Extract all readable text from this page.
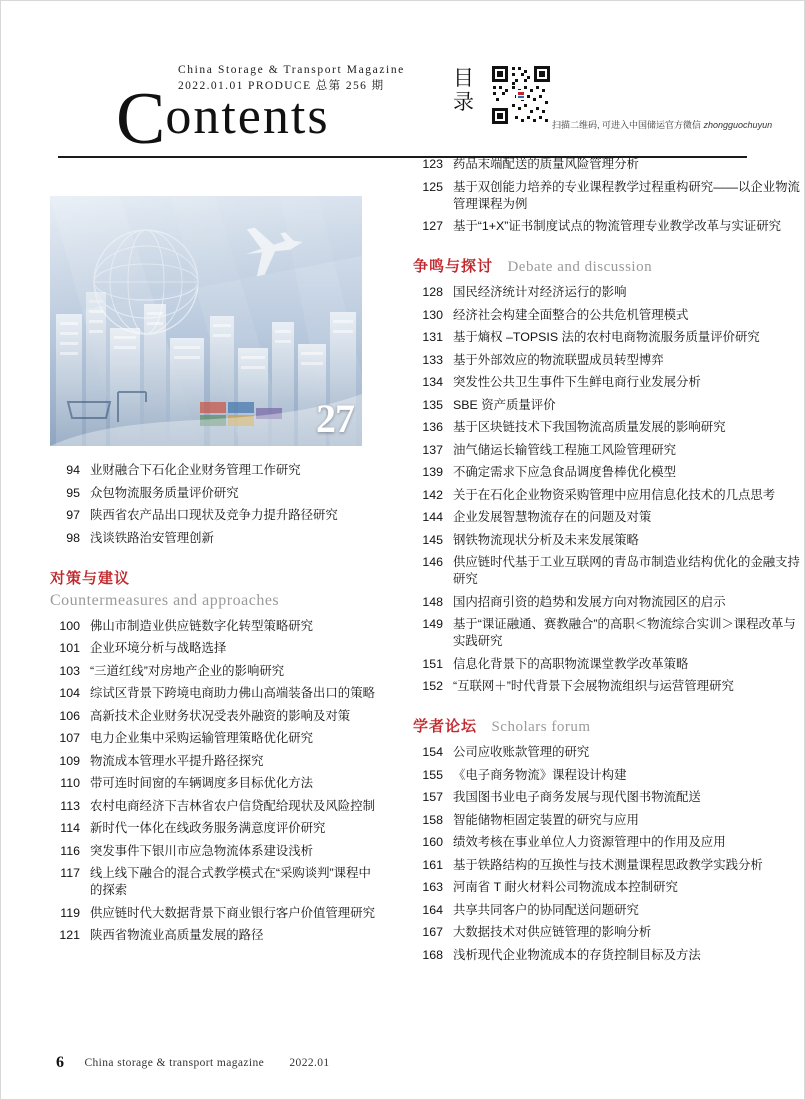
China Storage & Transport Magazine
2022.01.01 PRODUCE 总第 256 期
Contents
目
录
扫描二维码, 可进入中国储运官方微信 zhongguochuyun
27
94 业财融合下石化企业财务管理工作研究
95 众包物流服务质量评价研究
97 陕西省农产品出口现状及竞争力提升路径研究
98 浅谈铁路治安管理创新
对策与建议
Countermeasures and approaches
100 佛山市制造业供应链数字化转型策略研究
101 企业环境分析与战略选择
103 “三道红线”对房地产企业的影响研究
104 综试区背景下跨境电商助力佛山高端装备出口的策略
106 高新技术企业财务状况受表外融资的影响及对策
107 电力企业集中采购运输管理策略优化研究
109 物流成本管理水平提升路径探究
110 带可连时间窗的车辆调度多目标优化方法
113 农村电商经济下吉林省农户信贷配给现状及风险控制
114 新时代一体化在线政务服务满意度评价研究
116 突发事件下银川市应急物流体系建设浅析
117 线上线下融合的混合式教学模式在“采购谈判”课程中的探索
119 供应链时代大数据背景下商业银行客户价值管理研究
121 陕西省物流业高质量发展的路径
123 药品末端配送的质量风险管理分析
125 基于双创能力培养的专业课程教学过程重构研究——以企业物流管理课程为例
127 基于“1+X”证书制度试点的物流管理专业教学改革与实证研究
争鸣与探讨 Debate and discussion
128 国民经济统计对经济运行的影响
130 经济社会构建全面整合的公共危机管理模式
131 基于熵权 –TOPSIS 法的农村电商物流服务质量评价研究
133 基于外部效应的物流联盟成员转型博弈
134 突发性公共卫生事件下生鲜电商行业发展分析
135 SBE 资产质量评价
136 基于区块链技术下我国物流高质量发展的影响研究
137 油气储运长输管线工程施工风险管理研究
139 不确定需求下应急食品调度鲁棒优化模型
142 关于在石化企业物资采购管理中应用信息化技术的几点思考
144 企业发展智慧物流存在的问题及对策
145 钢铁物流现状分析及未来发展策略
146 供应链时代基于工业互联网的青岛市制造业结构优化的金融支持研究
148 国内招商引资的趋势和发展方向对物流园区的启示
149 基于“课证融通、赛教融合”的高职＜物流综合实训＞课程改革与实践研究
151 信息化背景下的高职物流课堂教学改革策略
152 “互联网＋”时代背景下会展物流组织与运营管理研究
学者论坛 Scholars forum
154 公司应收账款管理的研究
155 《电子商务物流》课程设计构建
157 我国图书业电子商务发展与现代图书物流配送
158 智能储物柜固定装置的研究与应用
160 绩效考核在事业单位人力资源管理中的作用及应用
161 基于铁路结构的互换性与技术测量课程思政教学实践分析
163 河南省 T 耐火材料公司物流成本控制研究
164 共享共同客户的协同配送问题研究
167 大数据技术对供应链管理的影响分析
168 浅析现代企业物流成本的存货控制目标及方法
6 China storage & transport magazine 2022.01
